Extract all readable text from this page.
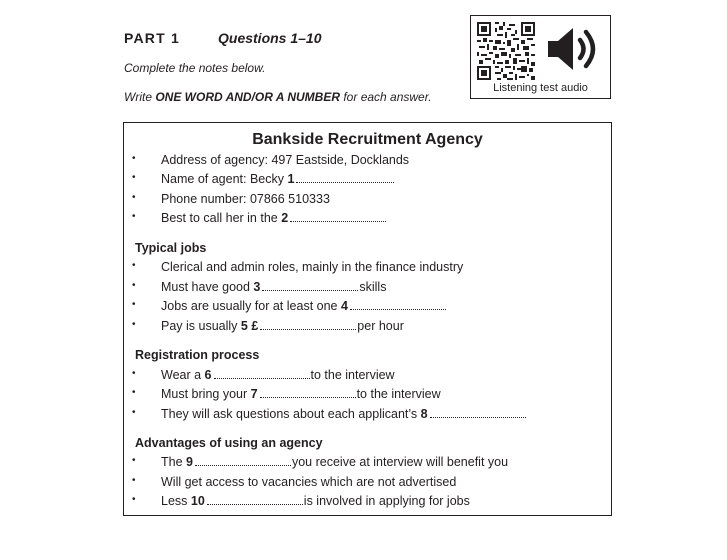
PART 1	Questions 1–10
Complete the notes below.
Write ONE WORD AND/OR A NUMBER for each answer.
Listening test audio
Bankside Recruitment Agency
• Address of agency: 497 Eastside, Docklands
• Name of agent: Becky 1
• Phone number: 07866 510333
• Best to call her in the 2
Typical jobs
• Clerical and admin roles, mainly in the finance industry
• Must have good 3	skills
• Jobs are usually for at least one 4
• Pay is usually 5 £	per hour
Registration process
• Wear a 6	to the interview
• Must bring your 7	to the interview
• They will ask questions about each applicant’s 8
Advantages of using an agency
• The 9	you receive at interview will benefit you
• Will get access to vacancies which are not advertised
• Less 10	is involved in applying for jobs
